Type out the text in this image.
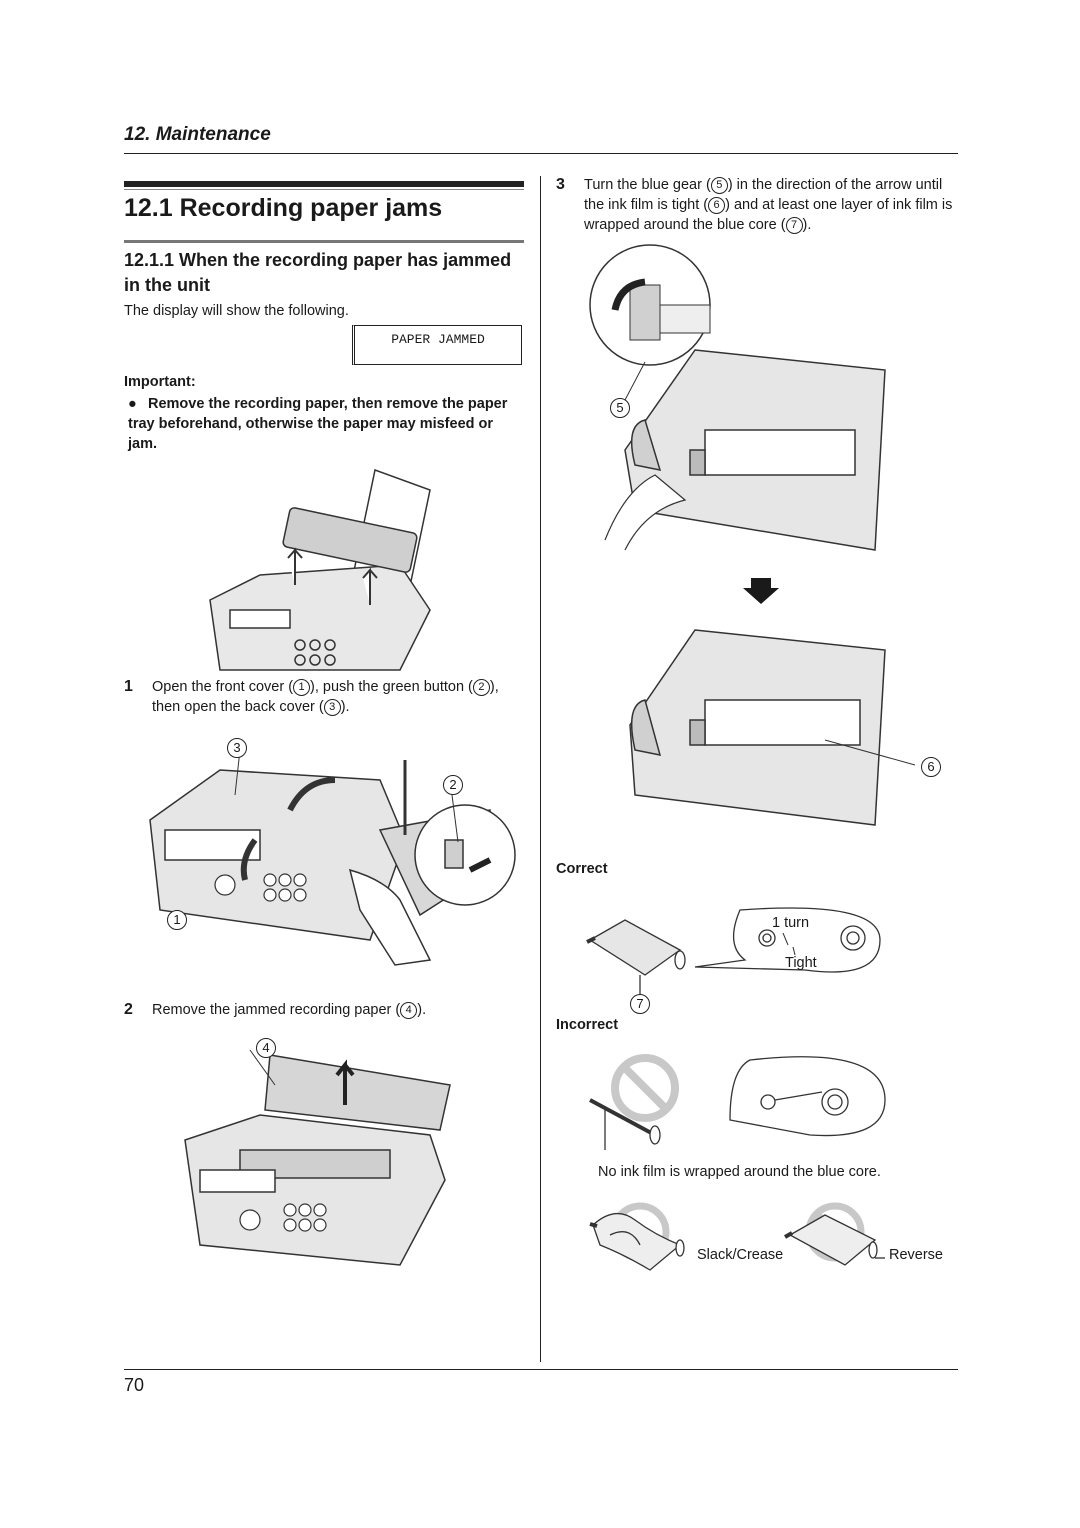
12. Maintenance
12.1 Recording paper jams
12.1.1 When the recording paper has jammed in the unit
The display will show the following.
PAPER JAMMED
Important:
● Remove the recording paper, then remove the paper tray beforehand, otherwise the paper may misfeed or jam.
1 Open the front cover ( 1 ), push the green button ( 2 ), then open the back cover ( 3 ).
3
2
1
2 Remove the jammed recording paper ( 4 ).
4
3 Turn the blue gear ( 5 ) in the direction of the arrow until the ink film is tight ( 6 ) and at least one layer of ink film is wrapped around the blue core ( 7 ).
5
6
Correct
1 turn
Tight
7
Incorrect
No ink film is wrapped around the blue core.
Slack/Crease	Reverse
70
